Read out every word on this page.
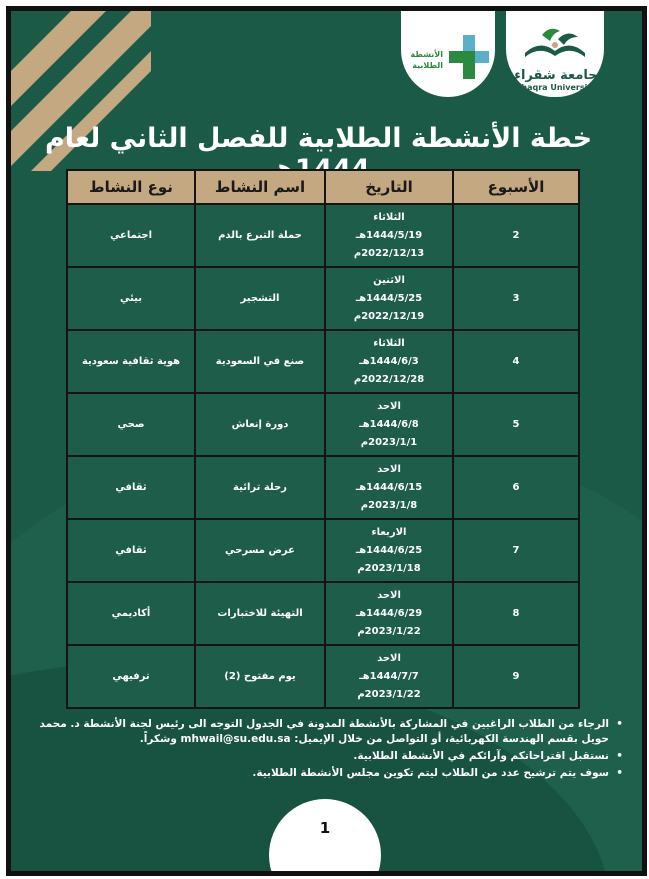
الأنشطة الطلابية
جامعة شقراء
Shaqra University
خطة الأنشطة الطلابية للفصل الثاني لعام
الأسبوع	التاريخ	اسم النشاط	نوع النشاط
2	الثلاثاء
1444/5/19هـ
2022/12/13م	حملة التبرع بالدم	اجتماعي
3	الاثنين
1444/5/25هـ
2022/12/19م	التشجير	بيئي
4	الثلاثاء
1444/6/3هـ
2022/12/28م	صنع في السعودية	هوية ثقافية سعودية
5	الاحد
1444/6/8هـ
2023/1/1م	دورة إنعاش	صحي
6	الاحد
1444/6/15هـ
2023/1/8م	رحلة ترائية	ثقافي
7	الاربعاء
1444/6/25هـ
2023/1/18م	عرض مسرحي	ثقافي
8	الاحد
1444/6/29هـ
2023/1/22م	التهيئة للاختبارات	أكاديمي
9	الاحد
1444/7/7هـ
2023/1/22م	يوم مفتوح (2)	ترفيهي
• الرجاء من الطلاب الراغبين في المشاركة بالأنشطة المدونة في الجدول التوجه الى رئيس لجنة الأنشطة د. محمد حويل بقسم الهندسة الكهربائية، أو التواصل من خلال الإيميل: mhwail@su.edu.sa وشكراً.
• نستقبل اقتراحاتكم وآرائكم في الأنشطة الطلابية.
• سوف يتم ترشيح عدد من الطلاب ليتم تكوين مجلس الأنشطة الطلابية.
1
